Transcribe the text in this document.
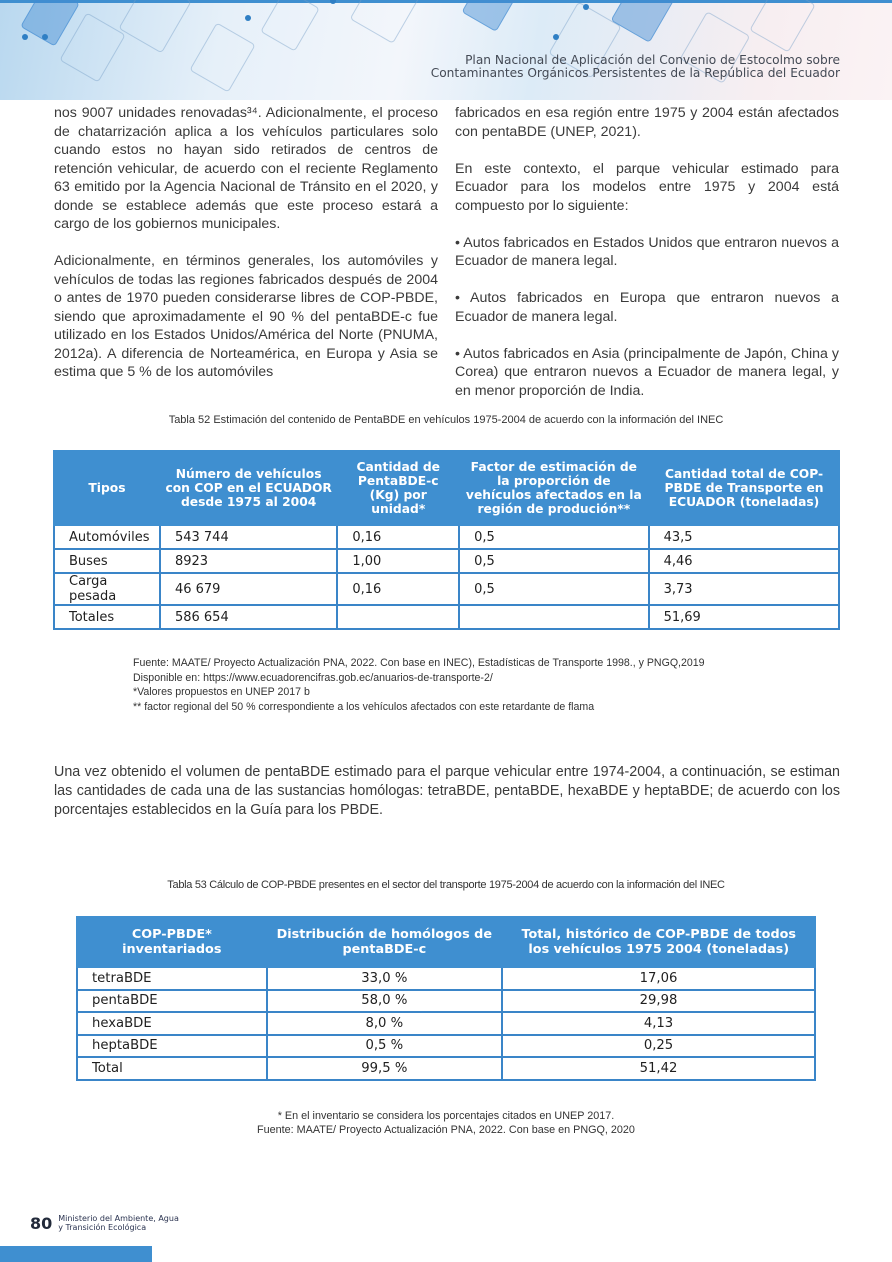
Plan Nacional de Aplicación del Convenio de Estocolmo sobre
Contaminantes Orgánicos Persistentes de la República del Ecuador

nos 9007 unidades renovadas³⁴. Adicionalmente, el proceso de chatarrización aplica a los vehículos particulares solo cuando estos no hayan sido retirados de centros de retención vehicular, de acuerdo con el reciente Reglamento 63 emitido por la Agencia Nacional de Tránsito en el 2020, y donde se establece además que este proceso estará a cargo de los gobiernos municipales.

Adicionalmente, en términos generales, los automóviles y vehículos de todas las regiones fabricados después de 2004 o antes de 1970 pueden considerarse libres de COP-PBDE, siendo que aproximadamente el 90 % del pentaBDE-c fue utilizado en los Estados Unidos/América del Norte (PNUMA, 2012a). A diferencia de Norteamérica, en Europa y Asia se estima que 5 % de los automóviles

fabricados en esa región entre 1975 y 2004 están afectados con pentaBDE (UNEP, 2021).

En este contexto, el parque vehicular estimado para Ecuador para los modelos entre 1975 y 2004 está compuesto por lo siguiente:

• Autos fabricados en Estados Unidos que entraron nuevos a Ecuador de manera legal.

• Autos fabricados en Europa que entraron nuevos a Ecuador de manera legal.

• Autos fabricados en Asia (principalmente de Japón, China y Corea) que entraron nuevos a Ecuador de manera legal, y en menor proporción de India.

Tabla 52 Estimación del contenido de PentaBDE en vehículos 1975-2004 de acuerdo con la información del INEC
Tipos	Número de vehículos con COP en el ECUADOR desde 1975 al 2004	Cantidad de PentaBDE-c (Kg) por unidad*	Factor de estimación de la proporción de vehículos afectados en la región de produción**	Cantidad total de COP-PBDE de Transporte en ECUADOR (toneladas)
Automóviles	543 744	0,16	0,5	43,5
Buses	8923	1,00	0,5	4,46
Carga pesada	46 679	0,16	0,5	3,73
Totales	586 654			51,69
Fuente: MAATE/ Proyecto Actualización PNA, 2022. Con base en INEC), Estadísticas de Transporte 1998., y PNGQ,2019
Disponible en: https://www.ecuadorencifras.gob.ec/anuarios-de-transporte-2/
*Valores propuestos en UNEP 2017 b
** factor regional del 50 % correspondiente a los vehículos afectados con este retardante de flama

Una vez obtenido el volumen de pentaBDE estimado para el parque vehicular entre 1974-2004, a continuación, se estiman las cantidades de cada una de las sustancias homólogas: tetraBDE, pentaBDE, hexaBDE y heptaBDE; de acuerdo con los porcentajes establecidos en la Guía para los PBDE.

Tabla 53 Cálculo de COP-PBDE presentes en el sector del transporte 1975-2004 de acuerdo con la información del INEC
COP-PBDE* inventariados	Distribución de homólogos de pentaBDE-c	Total, histórico de COP-PBDE de todos los vehículos 1975 2004 (toneladas)
tetraBDE	33,0 %	17,06
pentaBDE	58,0 %	29,98
hexaBDE	8,0 %	4,13
heptaBDE	0,5 %	0,25
Total	99,5 %	51,42
* En el inventario se considera los porcentajes citados en UNEP 2017.
Fuente: MAATE/ Proyecto Actualización PNA, 2022. Con base en PNGQ, 2020
80 Ministerio del Ambiente, Agua
y Transición Ecológica
